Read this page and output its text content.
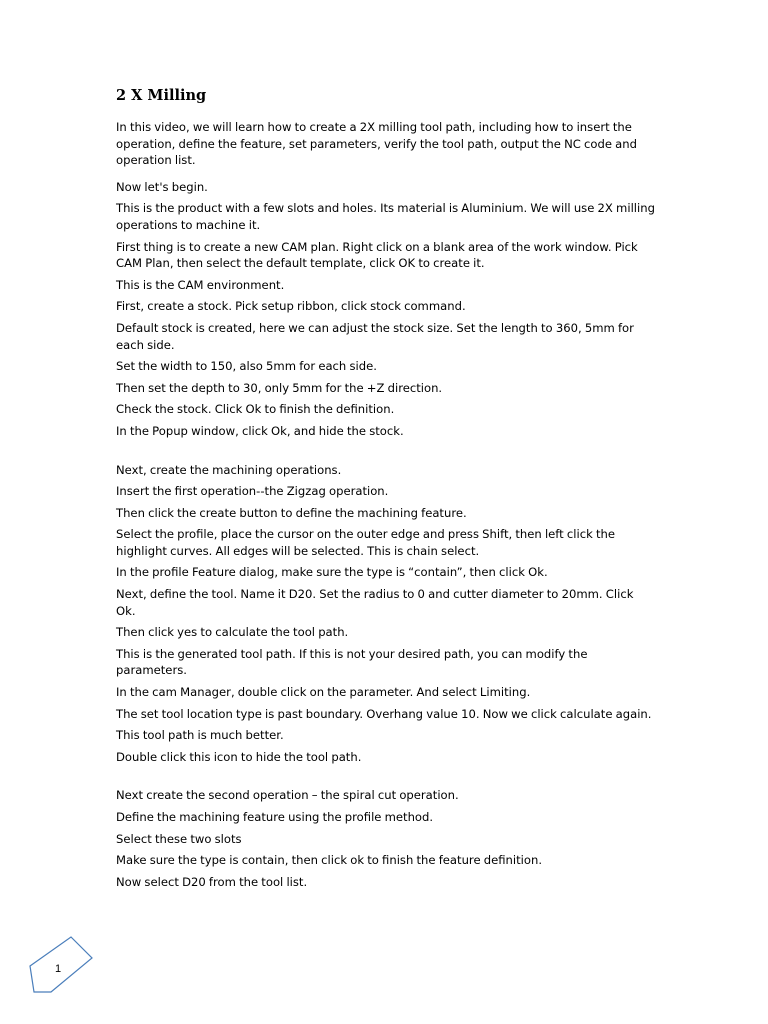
2 X Milling

In this video, we will learn how to create a 2X milling tool path, including how to insert the operation, define the feature, set parameters, verify the tool path, output the NC code and operation list.

Now let's begin.

This is the product with a few slots and holes. Its material is Aluminium. We will use 2X milling operations to machine it.

First thing is to create a new CAM plan. Right click on a blank area of the work window. Pick CAM Plan, then select the default template, click OK to create it.

This is the CAM environment.

First, create a stock. Pick setup ribbon, click stock command.

Default stock is created, here we can adjust the stock size. Set the length to 360, 5mm for each side.

Set the width to 150, also 5mm for each side.

Then set the depth to 30, only 5mm for the +Z direction.

Check the stock. Click Ok to finish the definition.

In the Popup window, click Ok, and hide the stock.

Next, create the machining operations.

Insert the first operation--the Zigzag operation.

Then click the create button to define the machining feature.

Select the profile, place the cursor on the outer edge and press Shift, then left click the highlight curves. All edges will be selected. This is chain select.

In the profile Feature dialog, make sure the type is “contain”, then click Ok.

Next, define the tool. Name it D20. Set the radius to 0 and cutter diameter to 20mm. Click Ok.

Then click yes to calculate the tool path.

This is the generated tool path. If this is not your desired path, you can modify the parameters.

In the cam Manager, double click on the parameter. And select Limiting.

The set tool location type is past boundary. Overhang value 10. Now we click calculate again.

This tool path is much better.

Double click this icon to hide the tool path.

Next create the second operation – the spiral cut operation.

Define the machining feature using the profile method.

Select these two slots

Make sure the type is contain, then click ok to finish the feature definition.

Now select D20 from the tool list.

1
